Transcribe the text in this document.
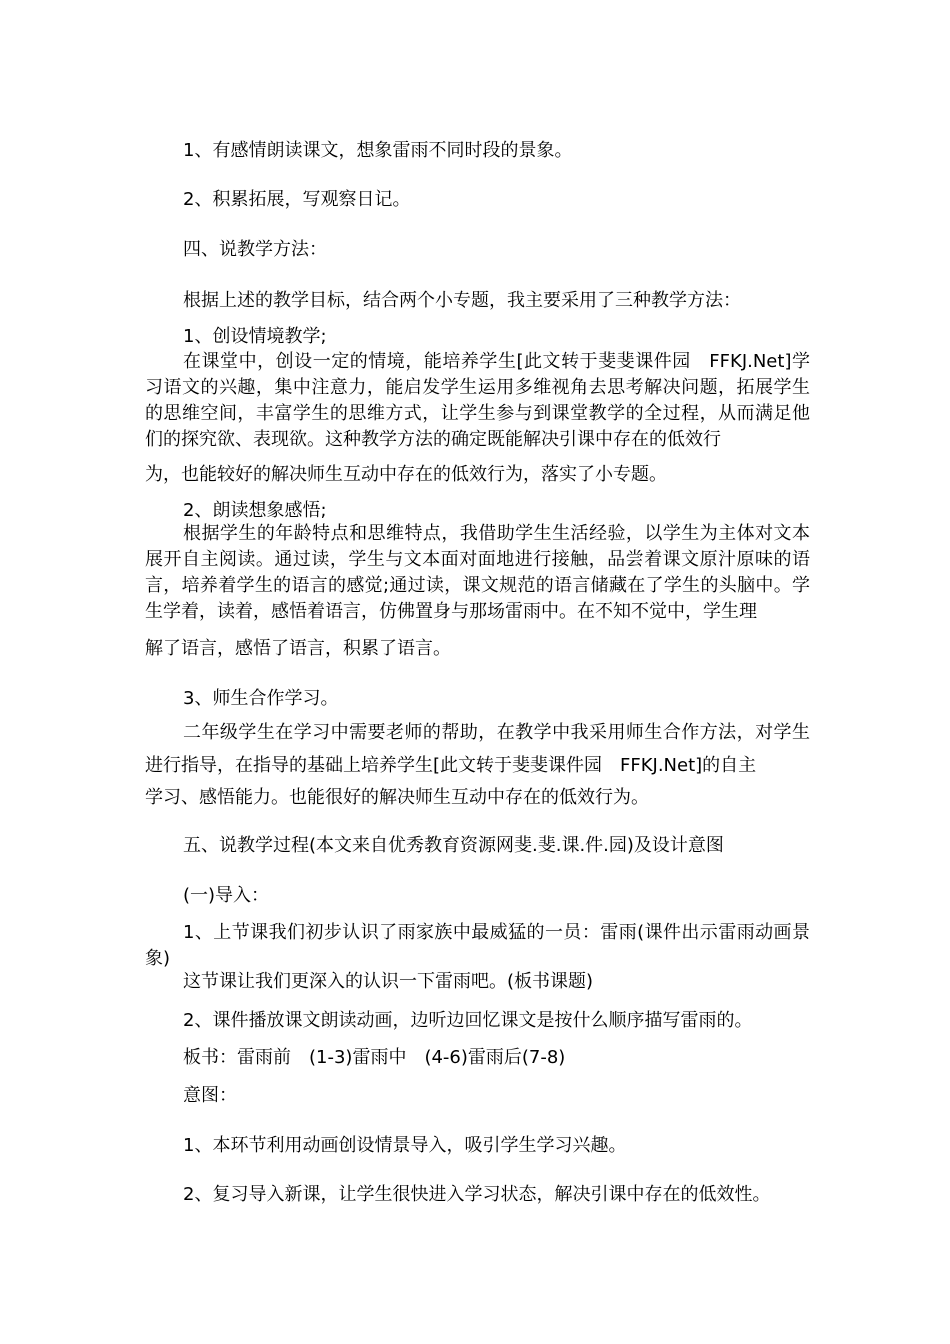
1、有感情朗读课文，想象雷雨不同时段的景象。

2、积累拓展，写观察日记。

四、说教学方法：

根据上述的教学目标，结合两个小专题，我主要采用了三种教学方法：

1、创设情境教学;

在课堂中，创设一定的情境，能培养学生[此文转于斐斐课件园　FFKJ.Net]学习语文的兴趣，集中注意力，能启发学生运用多维视角去思考解决问题，拓展学生的思维空间，丰富学生的思维方式，让学生参与到课堂教学的全过程，从而满足他们的探究欲、表现欲。这种教学方法的确定既能解决引课中存在的低效行

为，也能较好的解决师生互动中存在的低效行为，落实了小专题。

2、朗读想象感悟;

根据学生的年龄特点和思维特点，我借助学生生活经验，以学生为主体对文本展开自主阅读。通过读，学生与文本面对面地进行接触，品尝着课文原汁原味的语言，培养着学生的语言的感觉;通过读，课文规范的语言储藏在了学生的头脑中。学生学着，读着，感悟着语言，仿佛置身与那场雷雨中。在不知不觉中，学生理

解了语言，感悟了语言，积累了语言。

3、师生合作学习。

二年级学生在学习中需要老师的帮助，在教学中我采用师生合作方法，对学生进行指导，在指导的基础上培养学生[此文转于斐斐课件园　FFKJ.Net]的自主

学习、感悟能力。也能很好的解决师生互动中存在的低效行为。

五、说教学过程(本文来自优秀教育资源网斐.斐.课.件.园)及设计意图

(一)导入：

1、上节课我们初步认识了雨家族中最威猛的一员：雷雨(课件出示雷雨动画景象)

这节课让我们更深入的认识一下雷雨吧。(板书课题)

2、课件播放课文朗读动画，边听边回忆课文是按什么顺序描写雷雨的。

板书：雷雨前　(1-3)雷雨中　(4-6)雷雨后(7-8)

意图：

1、本环节利用动画创设情景导入，吸引学生学习兴趣。

2、复习导入新课，让学生很快进入学习状态，解决引课中存在的低效性。
